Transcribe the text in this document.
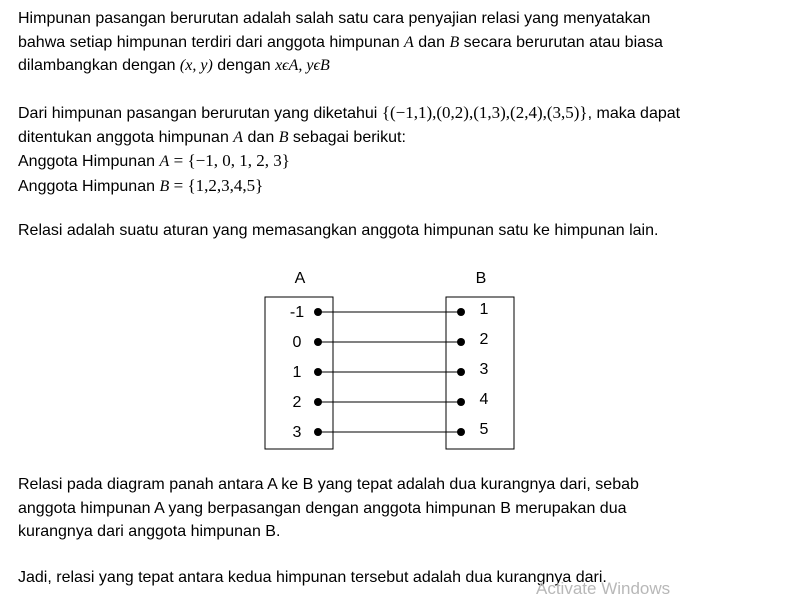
Himpunan pasangan berurutan adalah salah satu cara penyajian relasi yang menyatakan
bahwa setiap himpunan terdiri dari anggota himpunan A dan B secara berurutan atau biasa
dilambangkan dengan (x, y) dengan xϵA, yϵB
Dari himpunan pasangan berurutan yang diketahui {(−1,1),(0,2),(1,3),(2,4),(3,5)}, maka dapat
ditentukan anggota himpunan A dan B sebagai berikut:
Anggota Himpunan A = {−1, 0, 1, 2, 3}
Anggota Himpunan B = {1,2,3,4,5}
Relasi adalah suatu aturan yang memasangkan anggota himpunan satu ke himpunan lain.
A	B
-1
0
1
2
3
1
2
3
4
5
Relasi pada diagram panah antara A ke B yang tepat adalah dua kurangnya dari, sebab
anggota himpunan A yang berpasangan dengan anggota himpunan B merupakan dua
kurangnya dari anggota himpunan B.
Jadi, relasi yang tepat antara kedua himpunan tersebut adalah dua kurangnya dari.
Activate Windows
